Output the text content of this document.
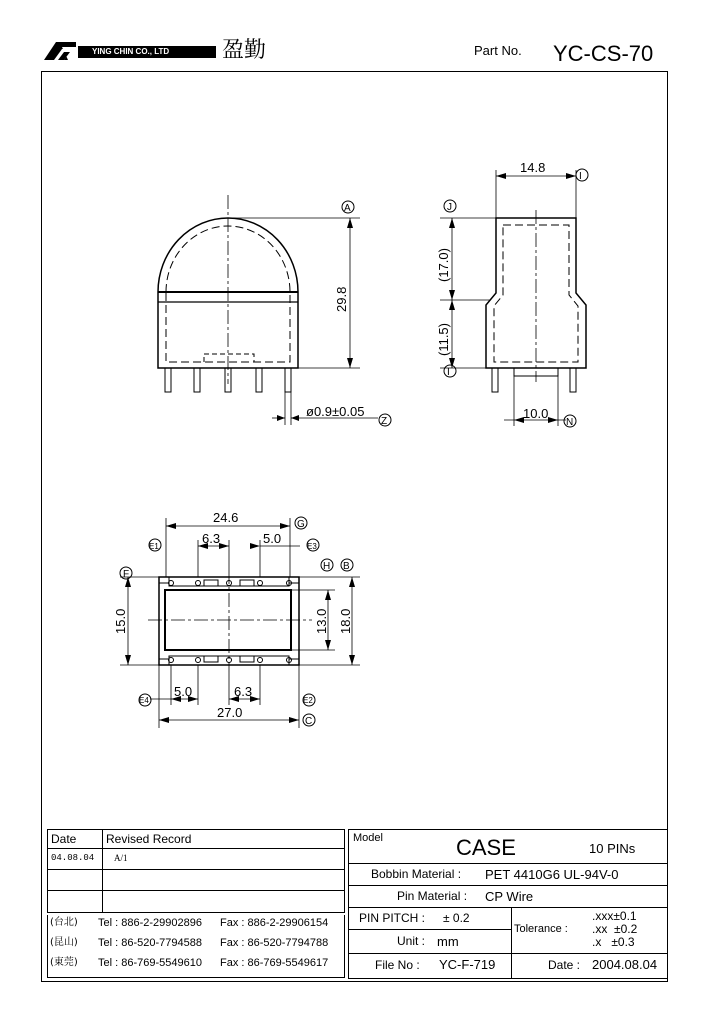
YING CHIN CO., LTD 盈勤	Part No. YC-CS-70
29.8
A
ø0.9±0.05
Z
14.8
I
(17.0)
J
(11.5)
I
10.0
N
24.6	G
6.3	5.0
E1	E3
F
H B
15.0	13.0 18.0
5.0	6.3
E4	E2
27.0
C
Date Revised Record
04.08.04 A/1
(台北) Tel : 886-2-29902896 Fax : 886-2-29906154
(昆山) Tel : 86-520-7794588 Fax : 86-520-7794788
(東莞) Tel : 86-769-5549610 Fax : 86-769-5549617
Model	CASE	10 PINs
Bobbin Material : PET 4410G6 UL-94V-0
Pin Material : CP Wire
PIN PITCH : ± 0.2
Unit : mm
Tolerance :
.xxx±0.1
.xx  ±0.2
.x   ±0.3
File No : YC-F-719	Date : 2004.08.04
